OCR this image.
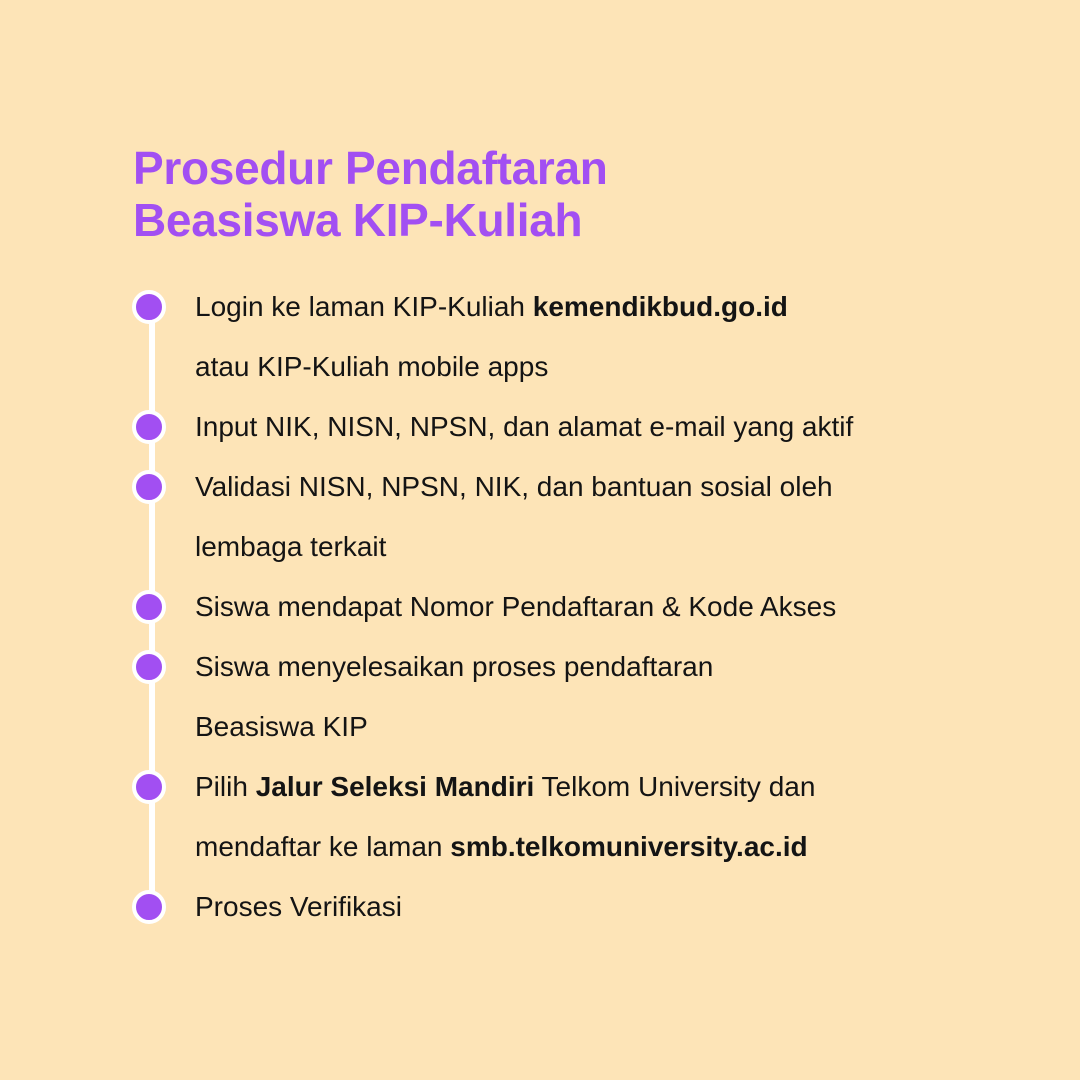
Prosedur Pendaftaran
Beasiswa KIP-Kuliah
Login ke laman KIP-Kuliah kemendikbud.go.id
atau KIP-Kuliah mobile apps
Input NIK, NISN, NPSN, dan alamat e-mail yang aktif
Validasi NISN, NPSN, NIK, dan bantuan sosial oleh
lembaga terkait
Siswa mendapat Nomor Pendaftaran & Kode Akses
Siswa menyelesaikan proses pendaftaran
Beasiswa KIP
Pilih Jalur Seleksi Mandiri Telkom University dan
mendaftar ke laman smb.telkomuniversity.ac.id
Proses Verifikasi
